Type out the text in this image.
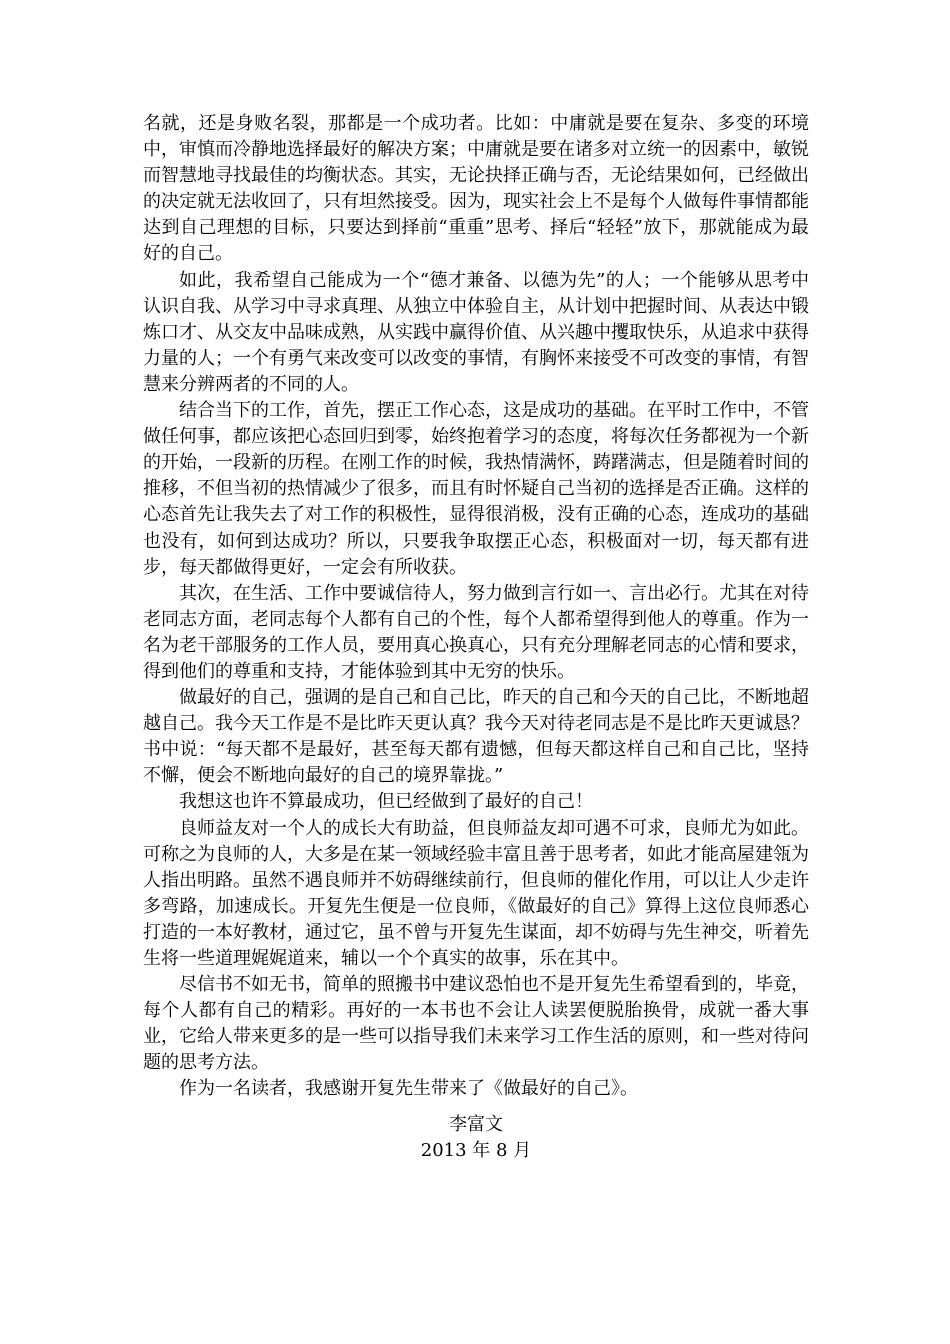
名就，还是身败名裂，那都是一个成功者。比如：中庸就是要在复杂、多变的环境中，审慎而冷静地选择最好的解决方案；中庸就是要在诸多对立统一的因素中，敏锐而智慧地寻找最佳的均衡状态。其实，无论抉择正确与否，无论结果如何，已经做出的决定就无法收回了，只有坦然接受。因为，现实社会上不是每个人做每件事情都能达到自己理想的目标，只要达到择前“重重”思考、择后“轻轻”放下，那就能成为最好的自己。

如此，我希望自己能成为一个“德才兼备、以德为先”的人；一个能够从思考中认识自我、从学习中寻求真理、从独立中体验自主，从计划中把握时间、从表达中锻炼口才、从交友中品味成熟，从实践中赢得价值、从兴趣中攫取快乐，从追求中获得力量的人；一个有勇气来改变可以改变的事情，有胸怀来接受不可改变的事情，有智慧来分辨两者的不同的人。

结合当下的工作，首先，摆正工作心态，这是成功的基础。在平时工作中，不管做任何事，都应该把心态回归到零，始终抱着学习的态度，将每次任务都视为一个新的开始，一段新的历程。在刚工作的时候，我热情满怀，踌躇满志，但是随着时间的推移，不但当初的热情减少了很多，而且有时怀疑自己当初的选择是否正确。这样的心态首先让我失去了对工作的积极性，显得很消极，没有正确的心态，连成功的基础也没有，如何到达成功？所以，只要我争取摆正心态，积极面对一切，每天都有进步，每天都做得更好，一定会有所收获。

其次，在生活、工作中要诚信待人，努力做到言行如一、言出必行。尤其在对待老同志方面，老同志每个人都有自己的个性，每个人都希望得到他人的尊重。作为一名为老干部服务的工作人员，要用真心换真心，只有充分理解老同志的心情和要求，得到他们的尊重和支持，才能体验到其中无穷的快乐。

做最好的自己，强调的是自己和自己比，昨天的自己和今天的自己比，不断地超越自己。我今天工作是不是比昨天更认真？我今天对待老同志是不是比昨天更诚恳？书中说：“每天都不是最好，甚至每天都有遗憾，但每天都这样自己和自己比，坚持不懈，便会不断地向最好的自己的境界靠拢。”

我想这也许不算最成功，但已经做到了最好的自己！

良师益友对一个人的成长大有助益，但良师益友却可遇不可求，良师尤为如此。可称之为良师的人，大多是在某一领域经验丰富且善于思考者，如此才能高屋建瓴为人指出明路。虽然不遇良师并不妨碍继续前行，但良师的催化作用，可以让人少走许多弯路，加速成长。开复先生便是一位良师，《做最好的自己》算得上这位良师悉心打造的一本好教材，通过它，虽不曾与开复先生谋面，却不妨碍与先生神交，听着先生将一些道理娓娓道来，辅以一个个真实的故事，乐在其中。

尽信书不如无书，简单的照搬书中建议恐怕也不是开复先生希望看到的，毕竟，每个人都有自己的精彩。再好的一本书也不会让人读罢便脱胎换骨，成就一番大事业，它给人带来更多的是一些可以指导我们未来学习工作生活的原则，和一些对待问题的思考方法。

作为一名读者，我感谢开复先生带来了《做最好的自己》。

李富文
2013 年 8 月
